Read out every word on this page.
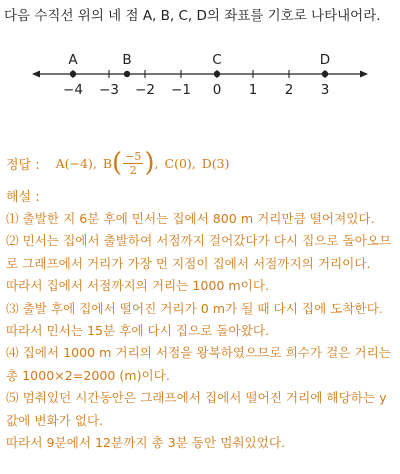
다음 수직선 위의 네 점 A, B, C, D의 좌표를 기호로 나타내어라.
−4 −3 −2 −1 0 1 2 3
A	B	C	D
정답 : A(−4), B ( $\frac{-5}{2}$ ) , C(0), D(3)
해설 :

⑴ 출발한 지 6분 후에 민서는 집에서 800 m 거리만큼 떨어져있다.

⑵ 민서는 집에서 출발하여 서점까지 걸어갔다가 다시 집으로 돌아오므

로 그래프에서 거리가 가장 먼 지점이 집에서 서점까지의 거리이다.

따라서 집에서 서점까지의 거리는 1000 m이다.

⑶ 출발 후에 집에서 떨어진 거리가 0 m가 될 때 다시 집에 도착한다.

따라서 민서는 15분 후에 다시 집으로 돌아왔다.

⑷ 집에서 1000 m 거리의 서점을 왕복하였으므로 희수가 걸은 거리는

총 1000×2=2000 (m)이다.

⑸ 멈춰있던 시간동안은 그래프에서 집에서 떨어진 거리에 해당하는 y

값에 변화가 없다.

따라서 9분에서 12분까지 총 3분 동안 멈춰있었다.
